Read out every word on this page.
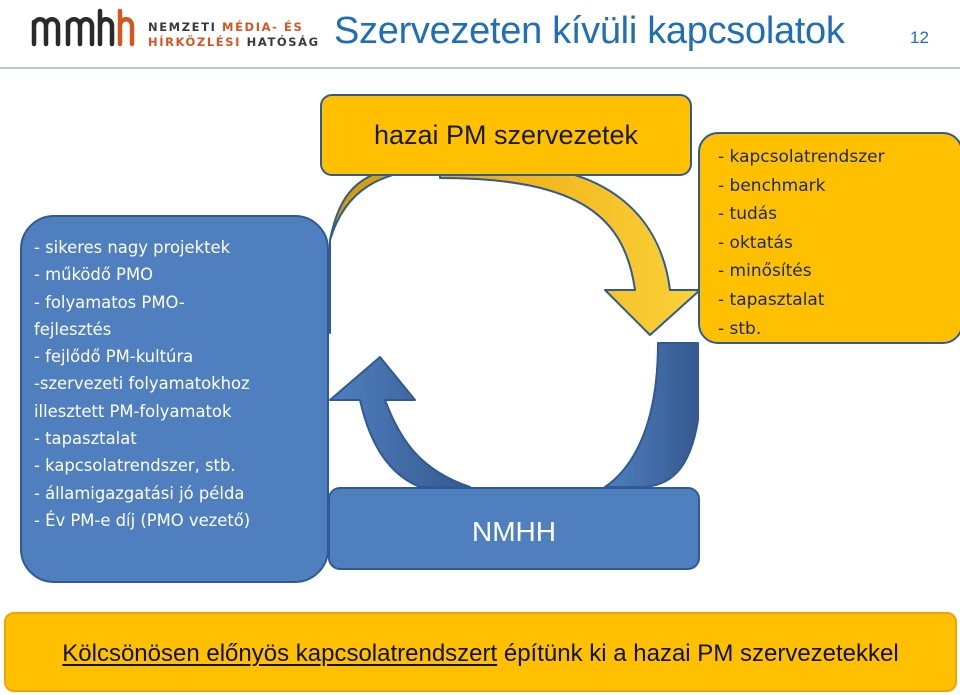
NEMZETI MÉDIA- ÉS
HÍRKÖZLÉSI HATÓSÁG Szervezeten kívüli kapcsolatok	12
- sikeres nagy projektek
- működő PMO
- folyamatos PMO-
fejlesztés
- fejlődő PM-kultúra
-szervezeti folyamatokhoz
illesztett PM-folyamatok
- tapasztalat
- kapcsolatrendszer, stb.
- államigazgatási jó példa
- Év PM-e díj (PMO vezető)
hazai PM szervezetek
- kapcsolatrendszer
- benchmark
- tudás
- oktatás
- minősítés
- tapasztalat
- stb.
NMHH
Kölcsönösen előnyös kapcsolatrendszert építünk ki a hazai PM szervezetekkel
